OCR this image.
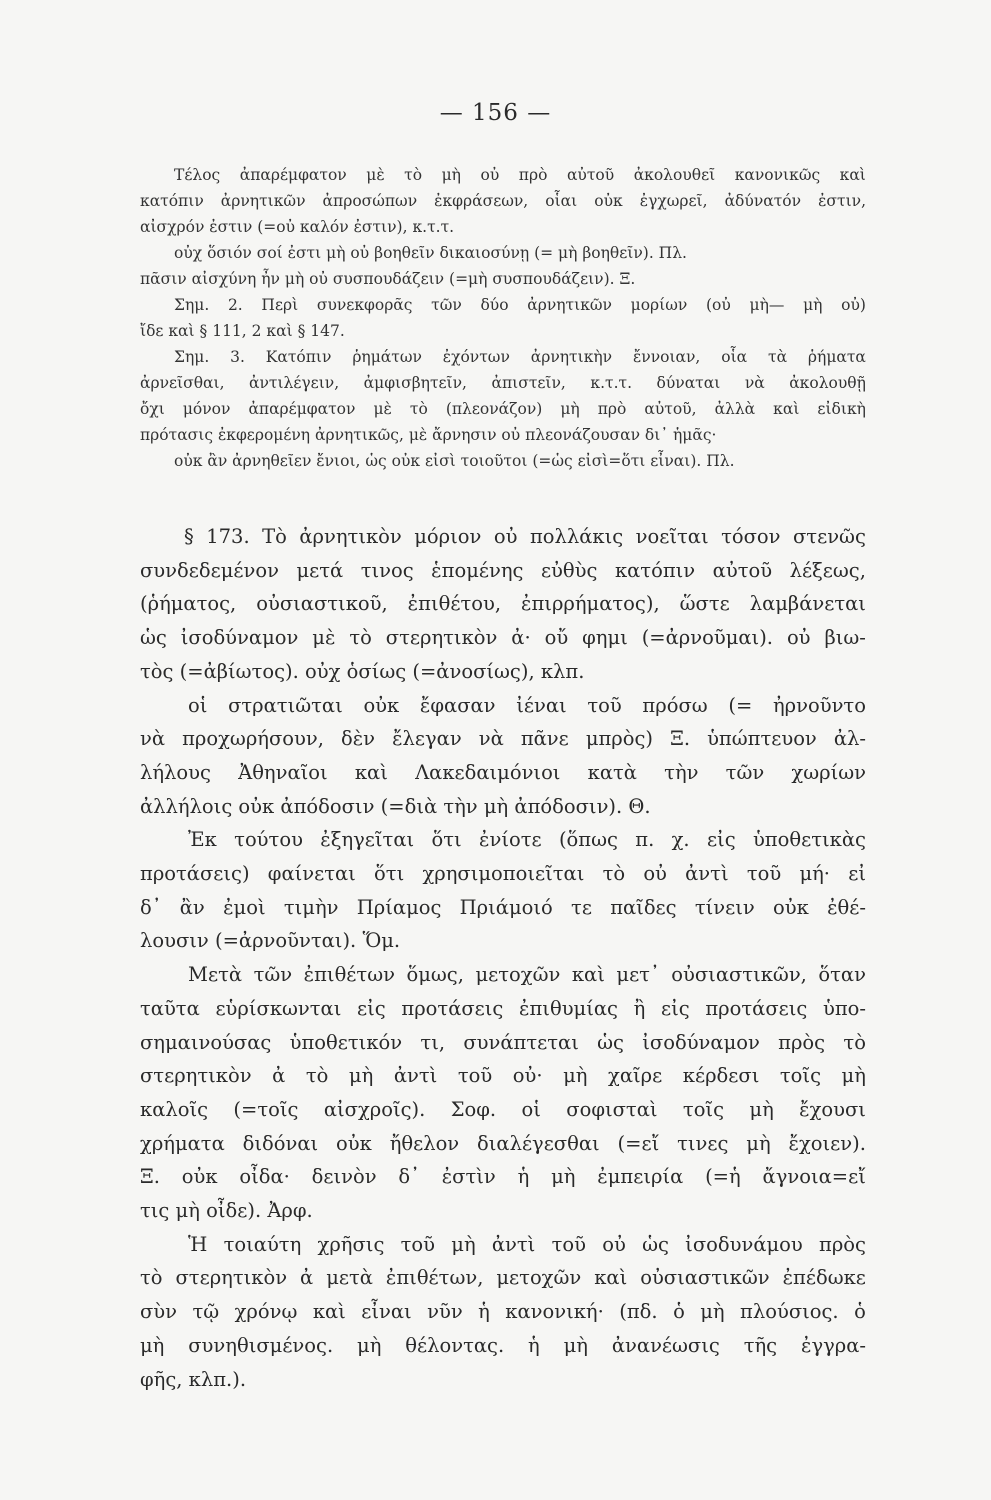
— 156 —
Τέλος ἀπαρέμφατον μὲ τὸ μὴ οὐ πρὸ αὐτοῦ ἀκολουθεῖ κανονικῶς καὶ
κατόπιν ἀρνητικῶν ἀπροσώπων ἐκφράσεων, οἷαι οὐκ ἐγχωρεῖ, ἀδύνατόν ἐστιν,
αἰσχρόν ἐστιν (=οὐ καλόν ἐστιν), κ.τ.τ.
οὐχ ὅσιόν σοί ἐστι μὴ οὐ βοηθεῖν δικαιοσύνῃ (= μὴ βοηθεῖν). Πλ.
πᾶσιν αἰσχύνη ἦν μὴ οὐ συσπουδάζειν (=μὴ συσπουδάζειν). Ξ.
Σημ. 2. Περὶ συνεκφορᾶς τῶν δύο ἀρνητικῶν μορίων (οὐ μὴ— μὴ οὐ)
ἴδε καὶ § 111, 2 καὶ § 147.
Σημ. 3. Κατόπιν ῥημάτων ἐχόντων ἀρνητικὴν ἔννοιαν, οἷα τὰ ῥήματα
ἀρνεῖσθαι, ἀντιλέγειν, ἀμφισβητεῖν, ἀπιστεῖν, κ.τ.τ. δύναται νὰ ἀκολουθῇ
ὄχι μόνον ἀπαρέμφατον μὲ τὸ (πλεονάζον) μὴ πρὸ αὐτοῦ, ἀλλὰ καὶ εἰδικὴ
πρότασις ἐκφερομένη ἀρνητικῶς, μὲ ἄρνησιν οὐ πλεονάζουσαν δι᾽ ἡμᾶς·
οὐκ ἂν ἀρνηθεῖεν ἔνιοι, ὡς οὐκ εἰσὶ τοιοῦτοι (=ὡς εἰσὶ=ὅτι εἶναι). Πλ.
§ 173. Τὸ ἀρνητικὸν μόριον οὐ πολλάκις νοεῖται τόσον στενῶς
συνδεδεμένον μετά τινος ἑπομένης εὐθὺς κατόπιν αὐτοῦ λέξεως,
(ῥήματος, οὐσιαστικοῦ, ἐπιθέτου, ἐπιρρήματος), ὥστε λαμβάνεται
ὡς ἰσοδύναμον μὲ τὸ στερητικὸν ἀ· οὔ φημι (=ἀρνοῦμαι). οὐ βιω-
τὸς (=ἀβίωτος). οὐχ ὁσίως (=ἀνοσίως), κλπ.
οἱ στρατιῶται οὐκ ἔφασαν ἰέναι τοῦ πρόσω (= ἠρνοῦντο
νὰ προχωρήσουν, δὲν ἔλεγαν νὰ πᾶνε μπρὸς) Ξ. ὑπώπτευον ἀλ-
λήλους Ἀθηναῖοι καὶ Λακεδαιμόνιοι κατὰ τὴν τῶν χωρίων
ἀλλήλοις οὐκ ἀπόδοσιν (=διὰ τὴν μὴ ἀπόδοσιν). Θ.
Ἐκ τούτου ἐξηγεῖται ὅτι ἐνίοτε (ὅπως π. χ. εἰς ὑποθετικὰς
προτάσεις) φαίνεται ὅτι χρησιμοποιεῖται τὸ οὐ ἀντὶ τοῦ μή· εἰ
δ᾽ ἂν ἐμοὶ τιμὴν Πρίαμος Πριάμοιό τε παῖδες τίνειν οὐκ ἐθέ-
λουσιν (=ἀρνοῦνται). Ὅμ.
Μετὰ τῶν ἐπιθέτων ὅμως, μετοχῶν καὶ μετ᾽ οὐσιαστικῶν, ὅταν
ταῦτα εὑρίσκωνται εἰς προτάσεις ἐπιθυμίας ἢ εἰς προτάσεις ὑπο-
σημαινούσας ὑποθετικόν τι, συνάπτεται ὡς ἰσοδύναμον πρὸς τὸ
στερητικὸν ἀ τὸ μὴ ἀντὶ τοῦ οὐ· μὴ χαῖρε κέρδεσι τοῖς μὴ
καλοῖς (=τοῖς αἰσχροῖς). Σοφ. οἱ σοφισταὶ τοῖς μὴ ἔχουσι
χρήματα διδόναι οὐκ ἤθελον διαλέγεσθαι (=εἴ τινες μὴ ἔχοιεν).
Ξ. οὐκ οἶδα· δεινὸν δ᾽ ἐστὶν ἡ μὴ ἐμπειρία (=ἡ ἄγνοια=εἴ
τις μὴ οἶδε). Ἀρφ.
Ἡ τοιαύτη χρῆσις τοῦ μὴ ἀντὶ τοῦ οὐ ὡς ἰσοδυνάμου πρὸς
τὸ στερητικὸν ἀ μετὰ ἐπιθέτων, μετοχῶν καὶ οὐσιαστικῶν ἐπέδωκε
σὺν τῷ χρόνῳ καὶ εἶναι νῦν ἡ κανονική· (πδ. ὁ μὴ πλούσιος. ὁ
μὴ συνηθισμένος. μὴ θέλοντας. ἡ μὴ ἀνανέωσις τῆς ἐγγρα-
φῆς, κλπ.).
